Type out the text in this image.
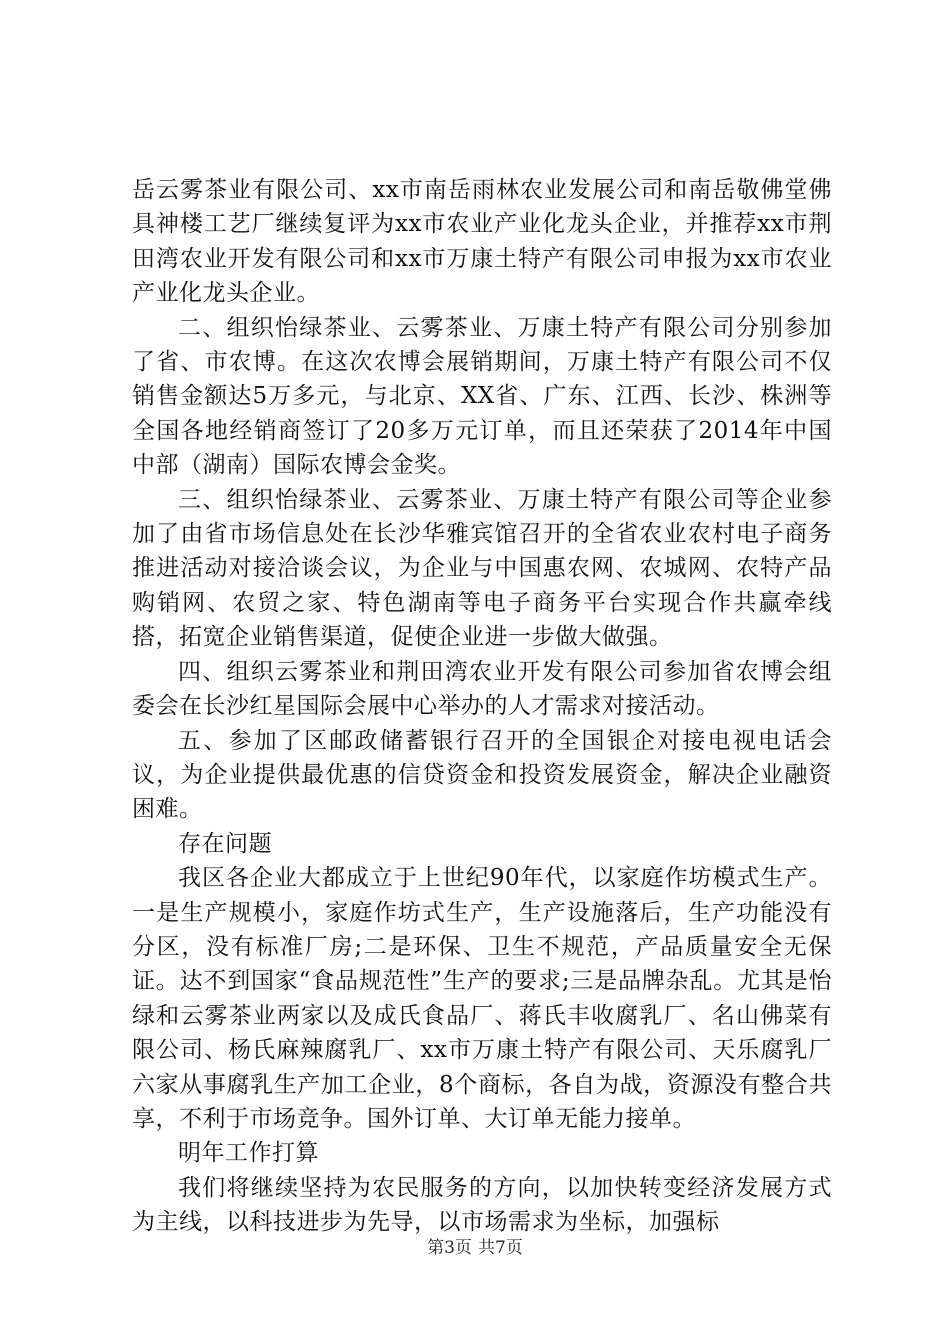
岳云雾茶业有限公司、xx市南岳雨林农业发展公司和南岳敬佛堂佛具神楼工艺厂继续复评为xx市农业产业化龙头企业，并推荐xx市荆田湾农业开发有限公司和xx市万康土特产有限公司申报为xx市农业产业化龙头企业。

二、组织怡绿茶业、云雾茶业、万康土特产有限公司分别参加了省、市农博。在这次农博会展销期间，万康土特产有限公司不仅销售金额达5万多元，与北京、XX省、广东、江西、长沙、株洲等全国各地经销商签订了20多万元订单，而且还荣获了2014年中国中部（湖南）国际农博会金奖。

三、组织怡绿茶业、云雾茶业、万康土特产有限公司等企业参加了由省市场信息处在长沙华雅宾馆召开的全省农业农村电子商务推进活动对接洽谈会议，为企业与中国惠农网、农城网、农特产品购销网、农贸之家、特色湖南等电子商务平台实现合作共赢牵线搭，拓宽企业销售渠道，促使企业进一步做大做强。

四、组织云雾茶业和荆田湾农业开发有限公司参加省农博会组委会在长沙红星国际会展中心举办的人才需求对接活动。

五、参加了区邮政储蓄银行召开的全国银企对接电视电话会议，为企业提供最优惠的信贷资金和投资发展资金，解决企业融资困难。

存在问题

我区各企业大都成立于上世纪90年代，以家庭作坊模式生产。一是生产规模小，家庭作坊式生产，生产设施落后，生产功能没有分区，没有标准厂房;二是环保、卫生不规范，产品质量安全无保证。达不到国家“食品规范性”生产的要求;三是品牌杂乱。尤其是怡绿和云雾茶业两家以及成氏食品厂、蒋氏丰收腐乳厂、名山佛菜有限公司、杨氏麻辣腐乳厂、xx市万康土特产有限公司、天乐腐乳厂六家从事腐乳生产加工企业，8个商标，各自为战，资源没有整合共享，不利于市场竞争。国外订单、大订单无能力接单。

明年工作打算

我们将继续坚持为农民服务的方向，以加快转变经济发展方式为主线，以科技进步为先导，以市场需求为坐标，加强标

第3页 共7页
